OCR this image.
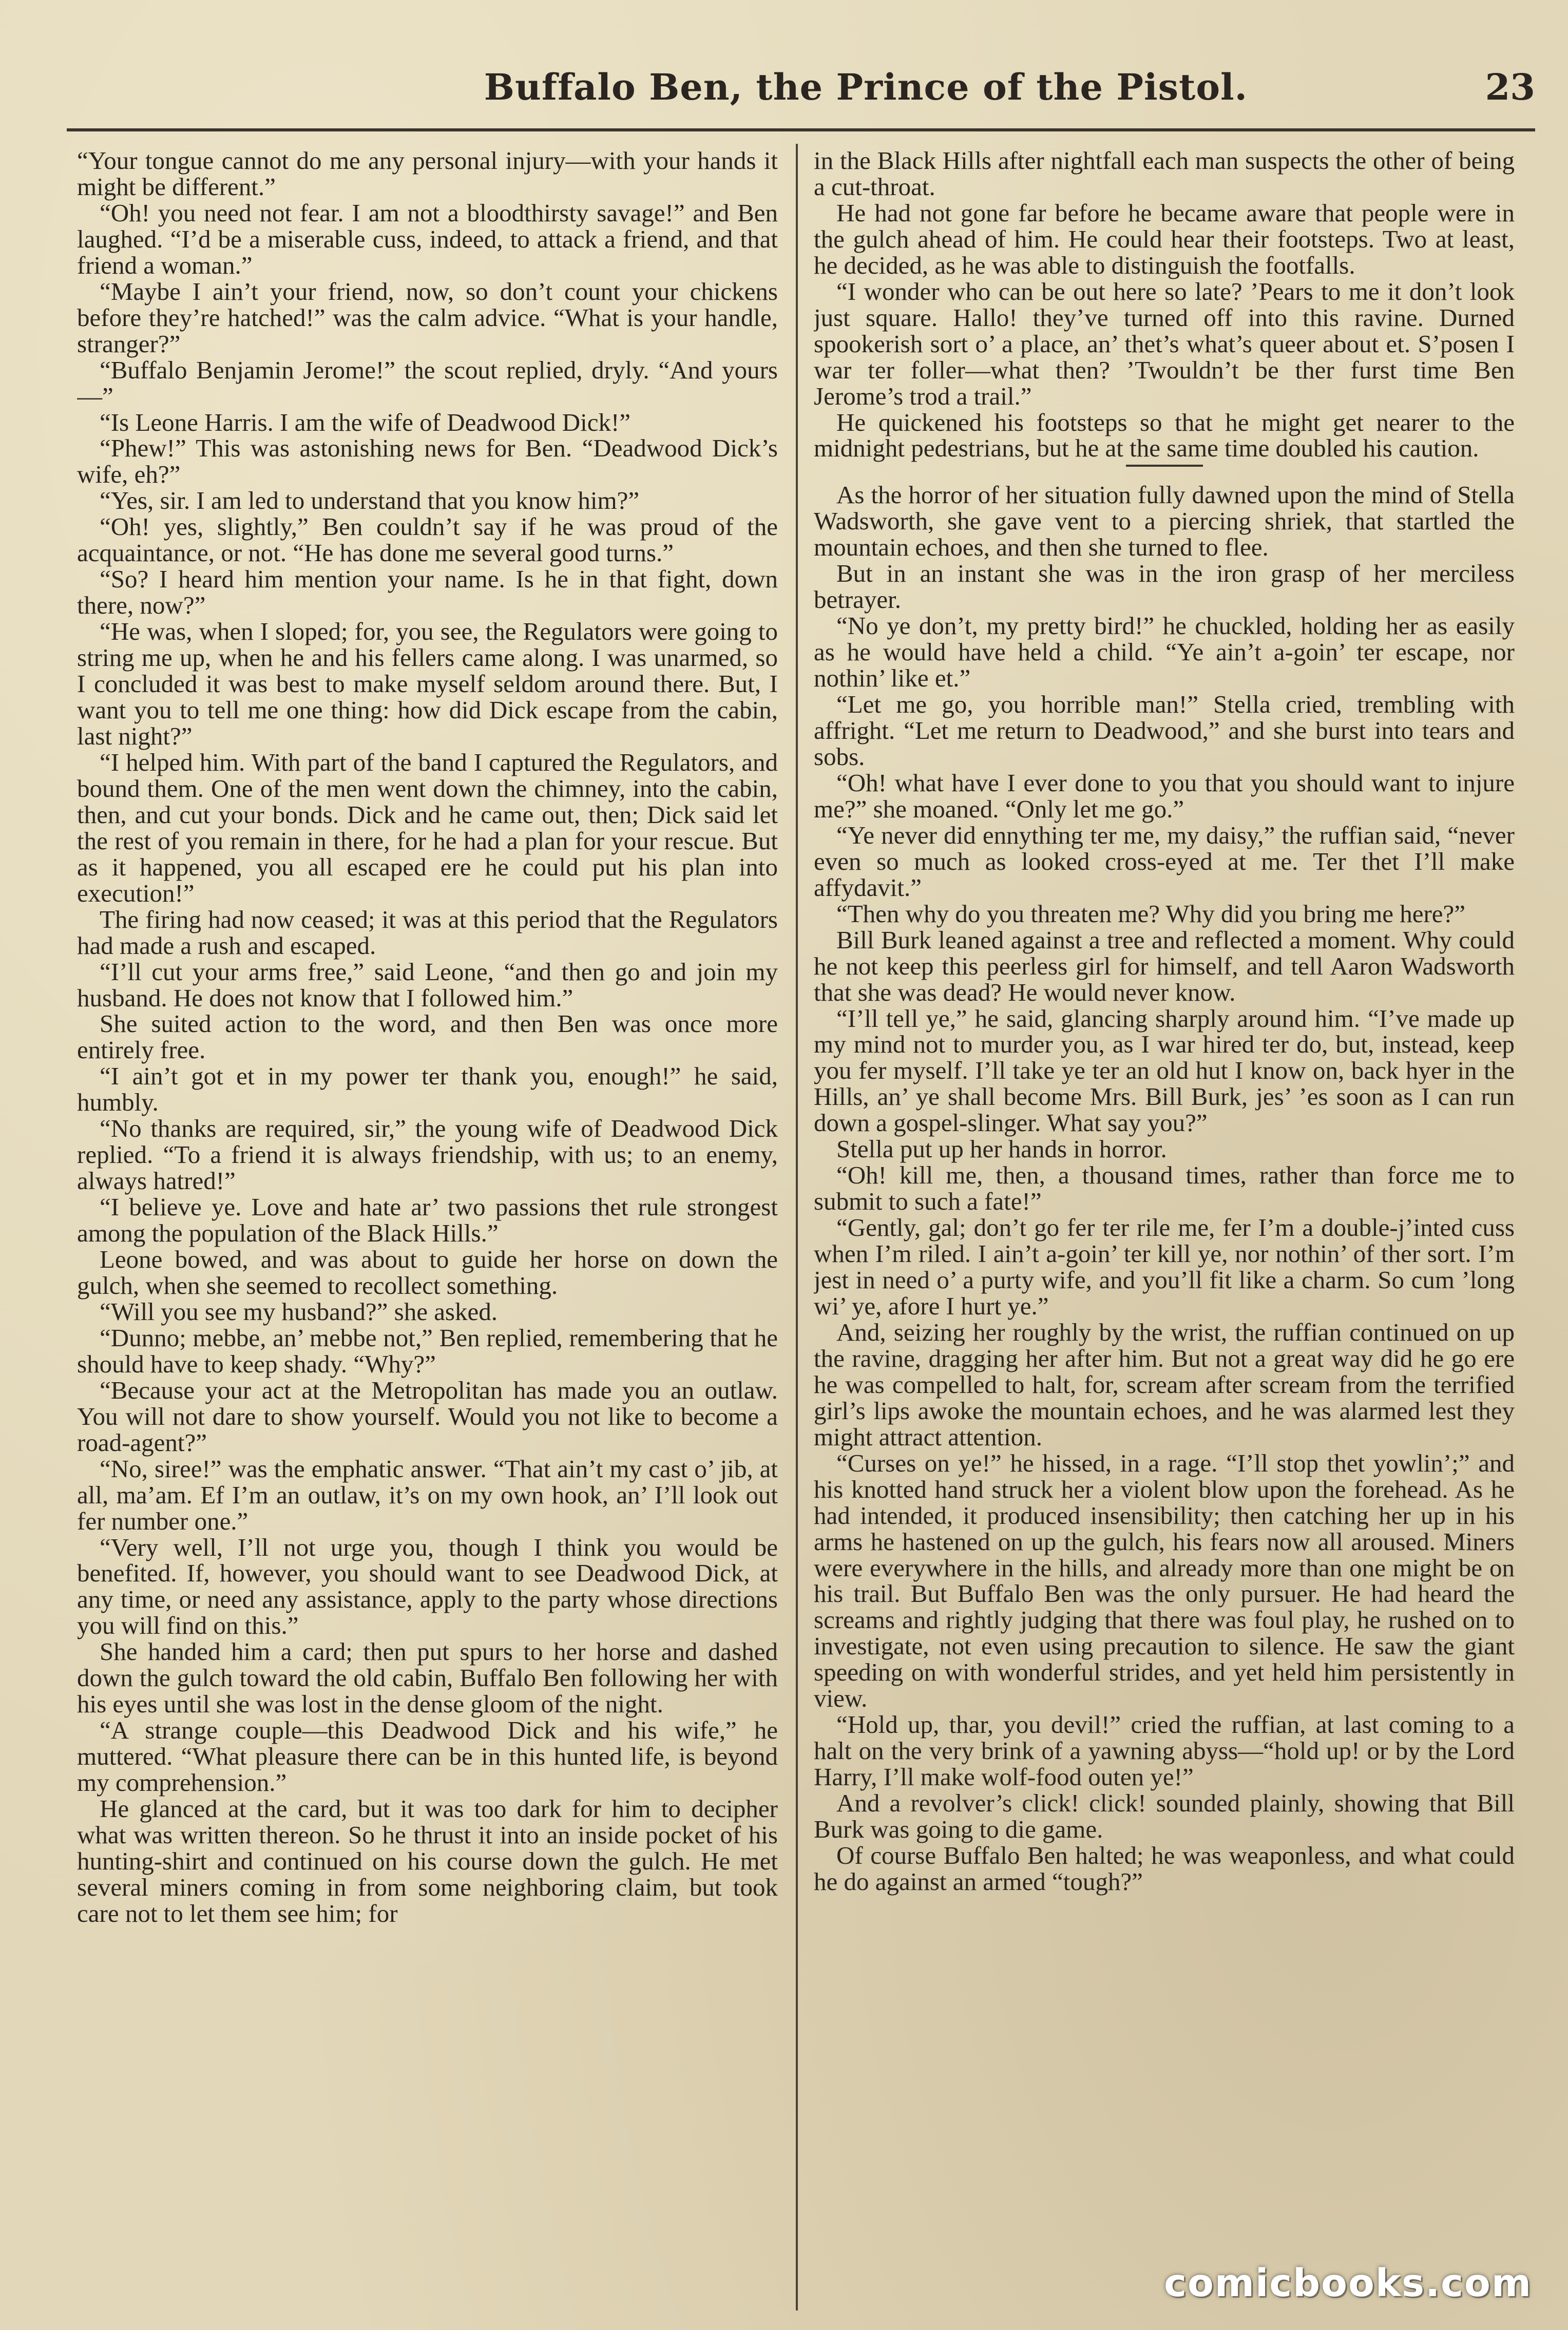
Buffalo Ben, the Prince of the Pistol.	23

“Your tongue cannot do me any personal injury—with your hands it might be different.”

“Oh! you need not fear. I am not a bloodthirsty savage!” and Ben laughed. “I’d be a miserable cuss, indeed, to attack a friend, and that friend a woman.”

“Maybe I ain’t your friend, now, so don’t count your chickens before they’re hatched!” was the calm advice. “What is your handle, stranger?”

“Buffalo Benjamin Jerome!” the scout replied, dryly. “And yours—”

“Is Leone Harris. I am the wife of Deadwood Dick!”

“Phew!” This was astonishing news for Ben. “Deadwood Dick’s wife, eh?”

“Yes, sir. I am led to understand that you know him?”

“Oh! yes, slightly,” Ben couldn’t say if he was proud of the acquaintance, or not. “He has done me several good turns.”

“So? I heard him mention your name. Is he in that fight, down there, now?”

“He was, when I sloped; for, you see, the Regulators were going to string me up, when he and his fellers came along. I was unarmed, so I concluded it was best to make myself seldom around there. But, I want you to tell me one thing: how did Dick escape from the cabin, last night?”

“I helped him. With part of the band I captured the Regulators, and bound them. One of the men went down the chimney, into the cabin, then, and cut your bonds. Dick and he came out, then; Dick said let the rest of you remain in there, for he had a plan for your rescue. But as it happened, you all escaped ere he could put his plan into execution!”

The firing had now ceased; it was at this period that the Regulators had made a rush and escaped.

“I’ll cut your arms free,” said Leone, “and then go and join my husband. He does not know that I followed him.”

She suited action to the word, and then Ben was once more entirely free.

“I ain’t got et in my power ter thank you, enough!” he said, humbly.

“No thanks are required, sir,” the young wife of Deadwood Dick replied. “To a friend it is always friendship, with us; to an enemy, always hatred!”

“I believe ye. Love and hate ar’ two passions thet rule strongest among the population of the Black Hills.”

Leone bowed, and was about to guide her horse on down the gulch, when she seemed to recollect something.

“Will you see my husband?” she asked.

“Dunno; mebbe, an’ mebbe not,” Ben replied, remembering that he should have to keep shady. “Why?”

“Because your act at the Metropolitan has made you an outlaw. You will not dare to show yourself. Would you not like to become a road-agent?”

“No, siree!” was the emphatic answer. “That ain’t my cast o’ jib, at all, ma’am. Ef I’m an outlaw, it’s on my own hook, an’ I’ll look out fer number one.”

“Very well, I’ll not urge you, though I think you would be benefited. If, however, you should want to see Deadwood Dick, at any time, or need any assistance, apply to the party whose directions you will find on this.”

She handed him a card; then put spurs to her horse and dashed down the gulch toward the old cabin, Buffalo Ben following her with his eyes until she was lost in the dense gloom of the night.

“A strange couple—this Deadwood Dick and his wife,” he muttered. “What pleasure there can be in this hunted life, is beyond my comprehension.”

He glanced at the card, but it was too dark for him to decipher what was written thereon. So he thrust it into an inside pocket of his hunting-shirt and continued on his course down the gulch. He met several miners coming in from some neighboring claim, but took care not to let them see him; for

in the Black Hills after nightfall each man suspects the other of being a cut-throat.

He had not gone far before he became aware that people were in the gulch ahead of him. He could hear their footsteps. Two at least, he decided, as he was able to distinguish the footfalls.

“I wonder who can be out here so late? ’Pears to me it don’t look just square. Hallo! they’ve turned off into this ravine. Durned spookerish sort o’ a place, an’ thet’s what’s queer about et. S’posen I war ter foller—what then? ’Twouldn’t be ther furst time Ben Jerome’s trod a trail.”

He quickened his footsteps so that he might get nearer to the midnight pedestrians, but he at the same time doubled his caution.

As the horror of her situation fully dawned upon the mind of Stella Wadsworth, she gave vent to a piercing shriek, that startled the mountain echoes, and then she turned to flee.

But in an instant she was in the iron grasp of her merciless betrayer.

“No ye don’t, my pretty bird!” he chuckled, holding her as easily as he would have held a child. “Ye ain’t a-goin’ ter escape, nor nothin’ like et.”

“Let me go, you horrible man!” Stella cried, trembling with affright. “Let me return to Deadwood,” and she burst into tears and sobs.

“Oh! what have I ever done to you that you should want to injure me?” she moaned. “Only let me go.”

“Ye never did ennything ter me, my daisy,” the ruffian said, “never even so much as looked cross-eyed at me. Ter thet I’ll make affydavit.”

“Then why do you threaten me? Why did you bring me here?”

Bill Burk leaned against a tree and reflected a moment. Why could he not keep this peerless girl for himself, and tell Aaron Wadsworth that she was dead? He would never know.

“I’ll tell ye,” he said, glancing sharply around him. “I’ve made up my mind not to murder you, as I war hired ter do, but, instead, keep you fer myself. I’ll take ye ter an old hut I know on, back hyer in the Hills, an’ ye shall become Mrs. Bill Burk, jes’ ’es soon as I can run down a gospel-slinger. What say you?”

Stella put up her hands in horror.

“Oh! kill me, then, a thousand times, rather than force me to submit to such a fate!”

“Gently, gal; don’t go fer ter rile me, fer I’m a double-j’inted cuss when I’m riled. I ain’t a-goin’ ter kill ye, nor nothin’ of ther sort. I’m jest in need o’ a purty wife, and you’ll fit like a charm. So cum ’long wi’ ye, afore I hurt ye.”

And, seizing her roughly by the wrist, the ruffian continued on up the ravine, dragging her after him. But not a great way did he go ere he was compelled to halt, for, scream after scream from the terrified girl’s lips awoke the mountain echoes, and he was alarmed lest they might attract attention.

“Curses on ye!” he hissed, in a rage. “I’ll stop thet yowlin’;” and his knotted hand struck her a violent blow upon the forehead. As he had intended, it produced insensibility; then catching her up in his arms he hastened on up the gulch, his fears now all aroused. Miners were everywhere in the hills, and already more than one might be on his trail. But Buffalo Ben was the only pursuer. He had heard the screams and rightly judging that there was foul play, he rushed on to investigate, not even using precaution to silence. He saw the giant speeding on with wonderful strides, and yet held him persistently in view.

“Hold up, thar, you devil!” cried the ruffian, at last coming to a halt on the very brink of a yawning abyss—“hold up! or by the Lord Harry, I’ll make wolf-food outen ye!”

And a revolver’s click! click! sounded plainly, showing that Bill Burk was going to die game.

Of course Buffalo Ben halted; he was weaponless, and what could he do against an armed “tough?”

comicbooks.com
